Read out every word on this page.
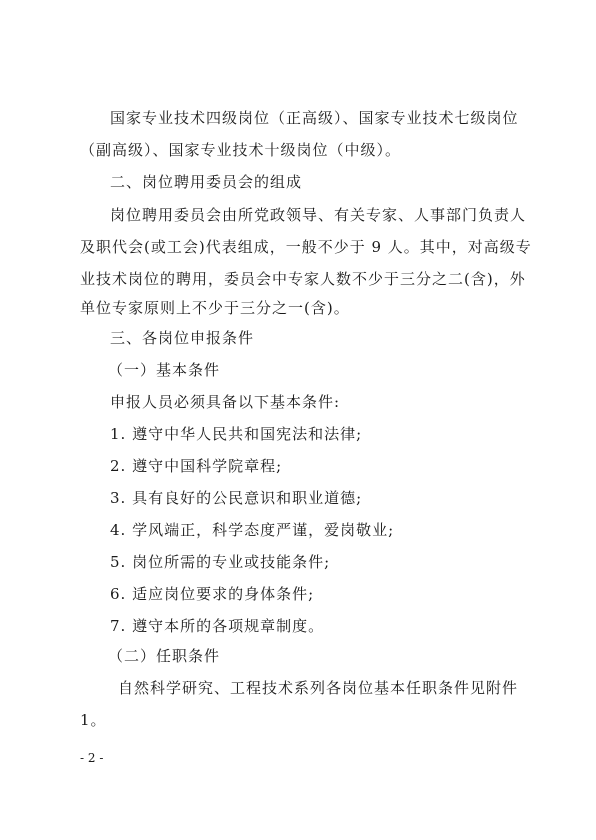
国家专业技术四级岗位（正高级）、国家专业技术七级岗位
（副高级）、国家专业技术十级岗位（中级）。
二、岗位聘用委员会的组成
岗位聘用委员会由所党政领导、有关专家、人事部门负责人
及职代会(或工会)代表组成，一般不少于 9 人。其中，对高级专
业技术岗位的聘用，委员会中专家人数不少于三分之二(含)，外
单位专家原则上不少于三分之一(含)。
三、各岗位申报条件
（一）基本条件
申报人员必须具备以下基本条件:
1. 遵守中华人民共和国宪法和法律;
2. 遵守中国科学院章程;
3. 具有良好的公民意识和职业道德;
4. 学风端正，科学态度严谨，爱岗敬业;
5. 岗位所需的专业或技能条件;
6. 适应岗位要求的身体条件;
7. 遵守本所的各项规章制度。
（二）任职条件
自然科学研究、工程技术系列各岗位基本任职条件见附件
1。
- 2 -
